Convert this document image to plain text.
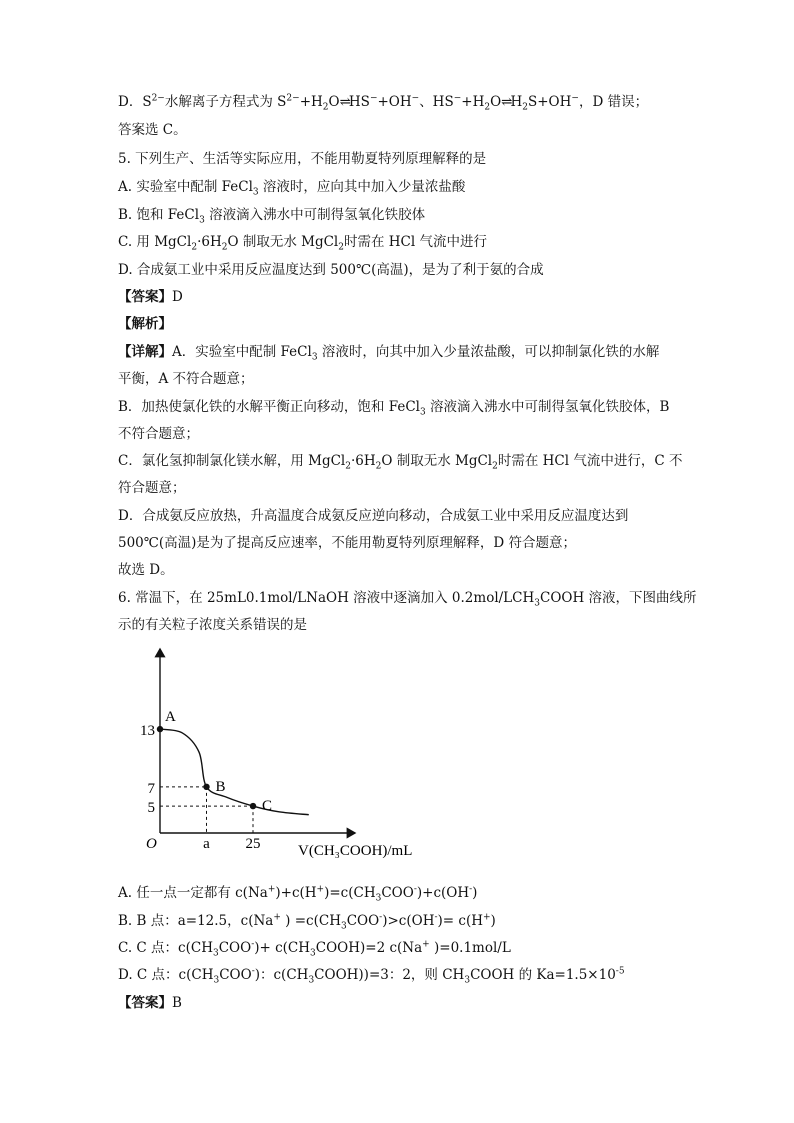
D．$S^{2-}$水解离子方程式为 $S^{2-}+H_2O\rightleftharpoons HS^-+OH^-$、$HS^-+H_2O\rightleftharpoons H_2S+OH^-$，D 错误；
答案选 C。
5. 下列生产、生活等实际应用，不能用勒夏特列原理解释的是
A. 实验室中配制 FeCl$_3$ 溶液时，应向其中加入少量浓盐酸
B. 饱和 FeCl$_3$ 溶液滴入沸水中可制得氢氧化铁胶体
C. 用 $MgCl_2\cdot 6H_2O$ 制取无水 MgCl$_2$时需在 HCl 气流中进行
D. 合成氨工业中采用反应温度达到 500℃(高温)，是为了利于氨的合成
【答案】D
【解析】
【详解】A．实验室中配制 FeCl$_3$ 溶液时，向其中加入少量浓盐酸，可以抑制氯化铁的水解
平衡，A 不符合题意；
B．加热使氯化铁的水解平衡正向移动，饱和 FeCl$_3$ 溶液滴入沸水中可制得氢氧化铁胶体，B
不符合题意；
C．氯化氢抑制氯化镁水解，用 $MgCl_2\cdot 6H_2O$ 制取无水 MgCl$_2$时需在 HCl 气流中进行，C 不
符合题意；
D．合成氨反应放热，升高温度合成氨反应逆向移动，合成氨工业中采用反应温度达到
500℃(高温)是为了提高反应速率，不能用勒夏特列原理解释，D 符合题意；
故选 D。
6. 常温下，在 25mL0.1mol/LNaOH 溶液中逐滴加入 $0.2mol/LCH_3COOH$ 溶液，下图曲线所
示的有关粒子浓度关系错误的是
A. 任一点一定都有 $c(Na^+)+c(H^+)=c(CH_3COO^-)+c(OH^-)$
B. B 点：a=12.5，c(Na+ ) $=c(CH_3COO^-)>c(OH^-)= c(H^+)$
C. C 点：$c(CH_3COO^-)+$ $c(CH_3COOH)=2$ c(Na+ )=0.1mol/L
D. C 点：$c(CH_3COO^-)$：$c(CH_3COOH))=3$：2，则 $CH_3COOH$ 的 $Ka=1.5\times 10^{-5}$
【答案】B
A
B
C
5
7
13
a 25
O	V(CH₃COOH)/mL
